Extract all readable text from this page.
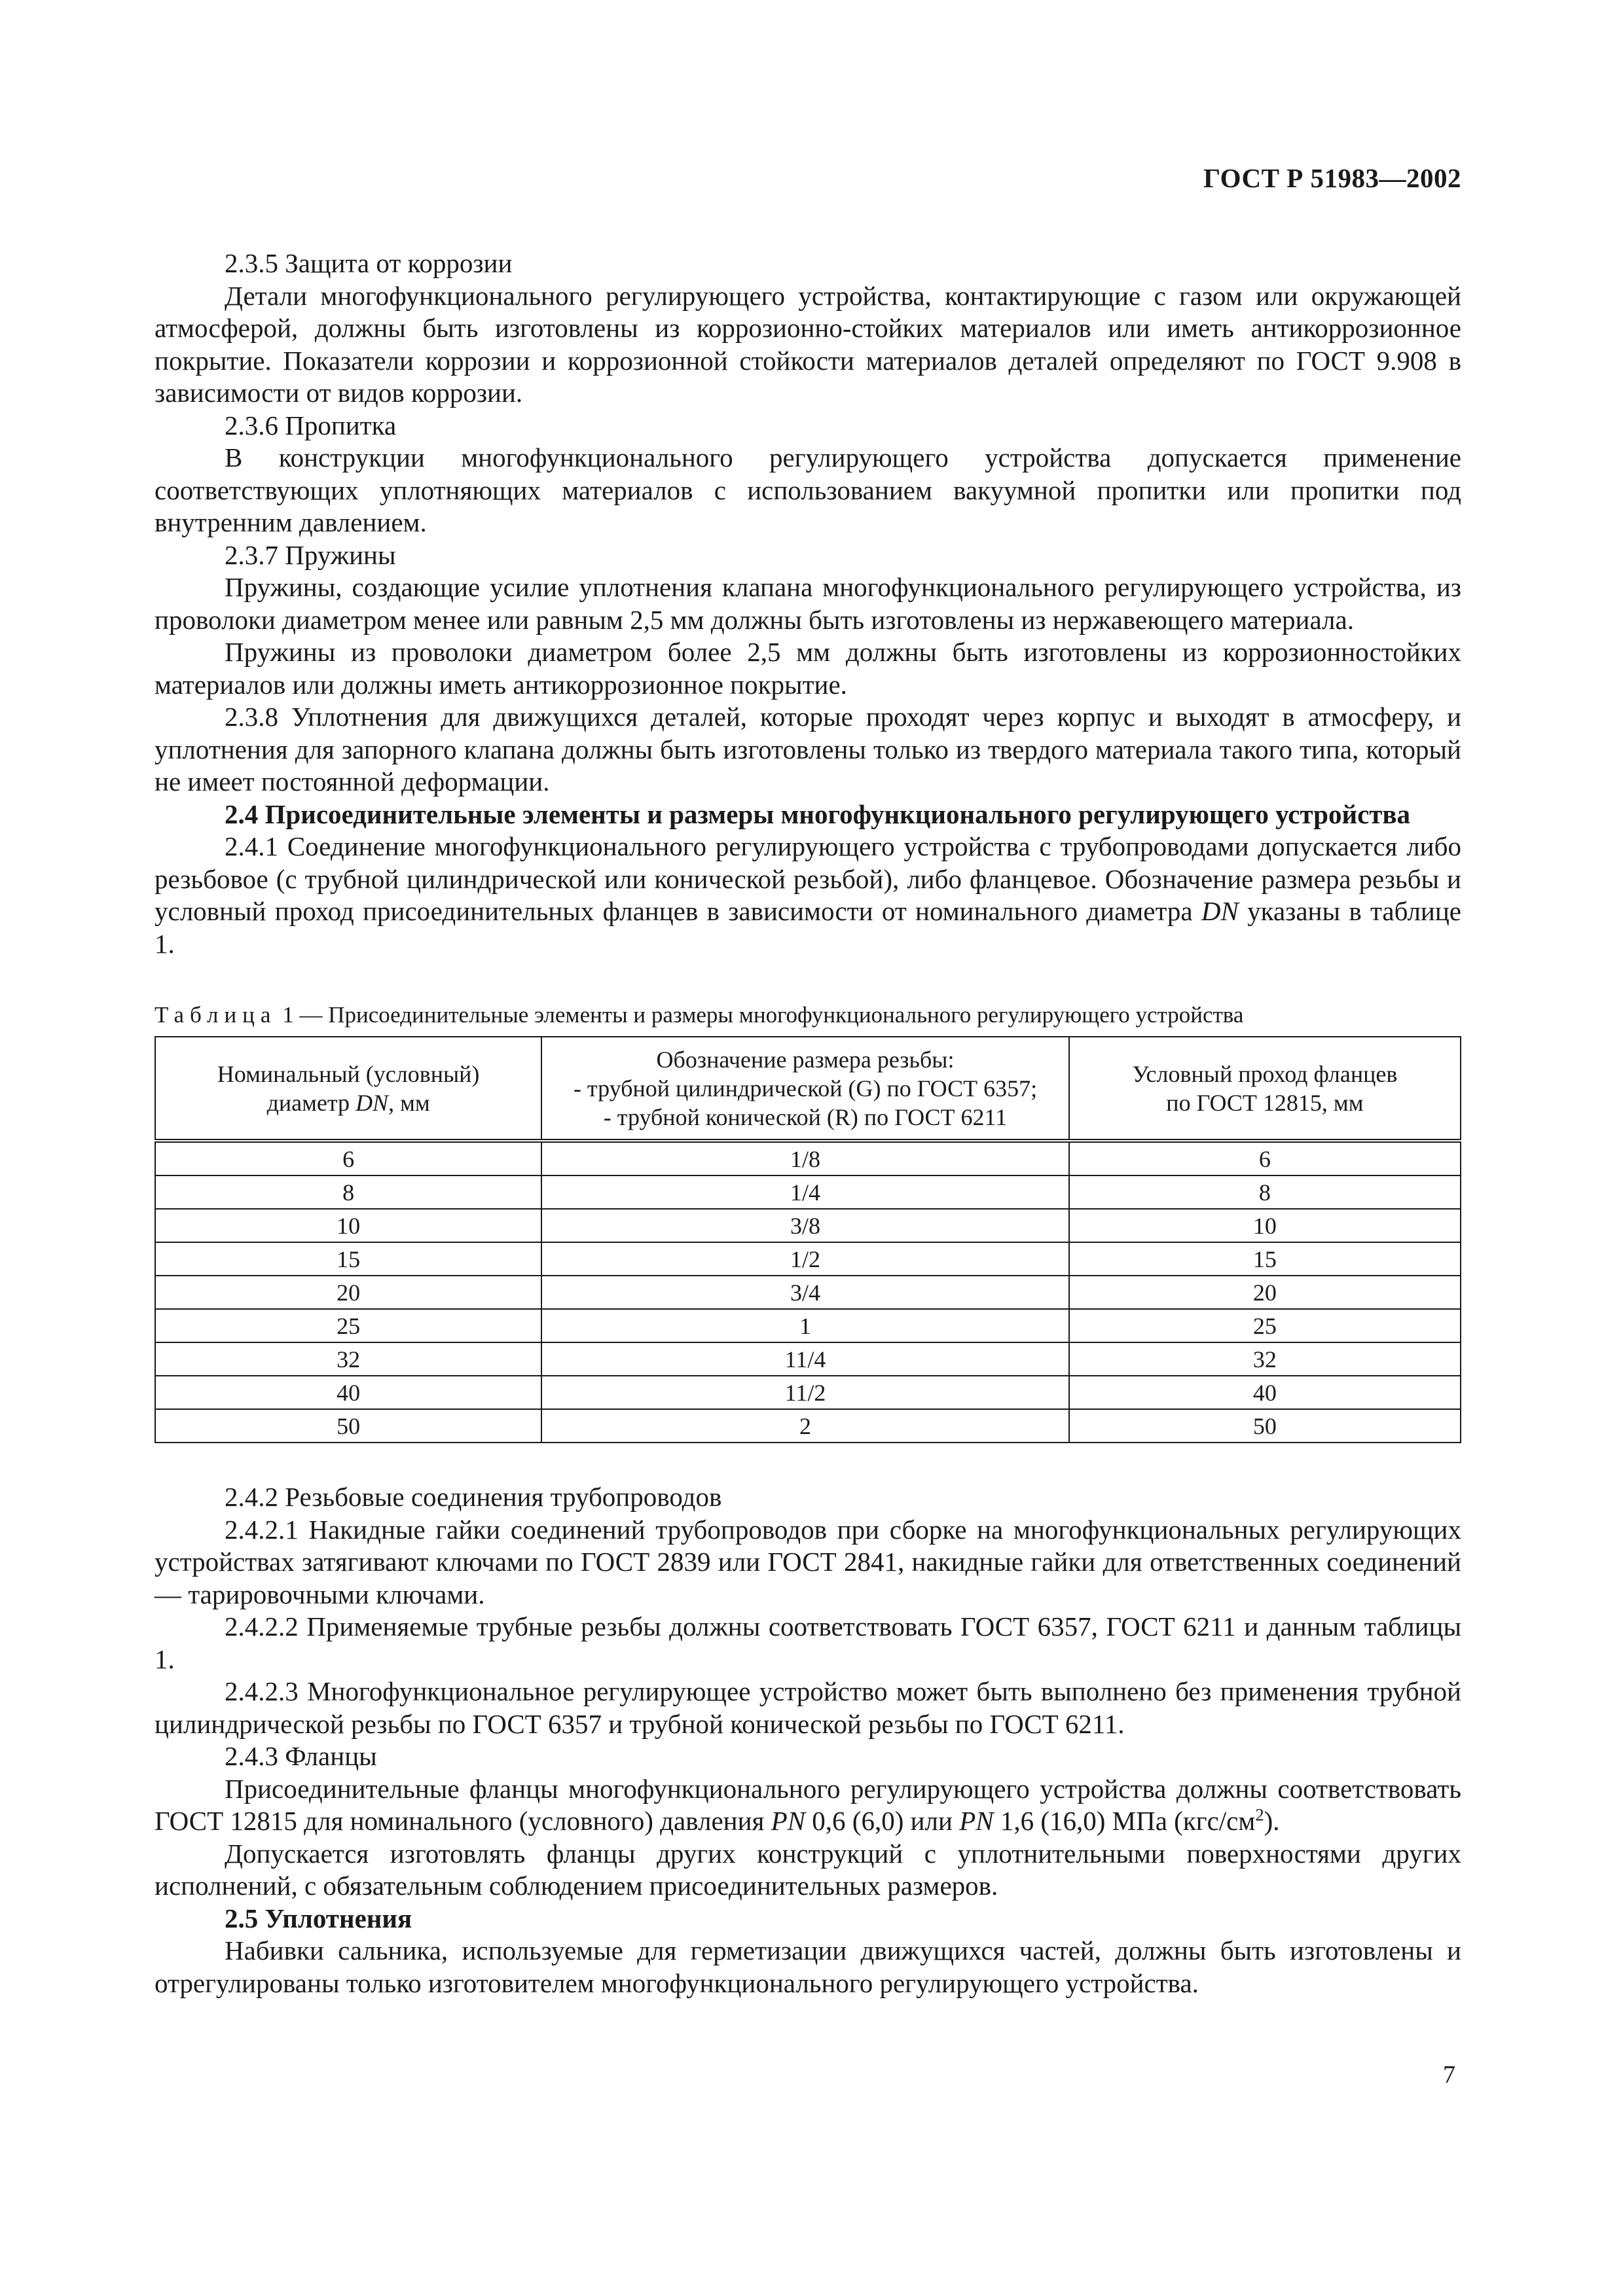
ГОСТ Р 51983—2002

2.3.5 Защита от коррозии

Детали многофункционального регулирующего устройства, контактирующие с газом или окружающей атмосферой, должны быть изготовлены из коррозионно-стойких материалов или иметь антикоррозионное покрытие. Показатели коррозии и коррозионной стойкости материалов деталей определяют по ГОСТ 9.908 в зависимости от видов коррозии.

2.3.6 Пропитка

В конструкции многофункционального регулирующего устройства допускается применение соответствующих уплотняющих материалов с использованием вакуумной пропитки или пропитки под внутренним давлением.

2.3.7 Пружины

Пружины, создающие усилие уплотнения клапана многофункционального регулирующего устройства, из проволоки диаметром менее или равным 2,5 мм должны быть изготовлены из нержавеющего материала.

Пружины из проволоки диаметром более 2,5 мм должны быть изготовлены из коррозионностойких материалов или должны иметь антикоррозионное покрытие.

2.3.8 Уплотнения для движущихся деталей, которые проходят через корпус и выходят в атмосферу, и уплотнения для запорного клапана должны быть изготовлены только из твердого материала такого типа, который не имеет постоянной деформации.

2.4 Присоединительные элементы и размеры многофункционального регулирующего устройства

2.4.1 Соединение многофункционального регулирующего устройства с трубопроводами допускается либо резьбовое (с трубной цилиндрической или конической резьбой), либо фланцевое. Обозначение размера резьбы и условный проход присоединительных фланцев в зависимости от номинального диаметра DN указаны в таблице 1.

Таблица 1 — Присоединительные элементы и размеры многофункционального регулирующего устройства
Номинальный (условный)
диаметр DN, мм	Обозначение размера резьбы:
- трубной цилиндрической (G) по ГОСТ 6357;
- трубной конической (R) по ГОСТ 6211	Условный проход фланцев
по ГОСТ 12815, мм
6	1/8	6
8	1/4	8
10	3/8	10
15	1/2	15
20	3/4	20
25	1	25
32	11/4	32
40	11/2	40
50	2	50

2.4.2 Резьбовые соединения трубопроводов

2.4.2.1 Накидные гайки соединений трубопроводов при сборке на многофункциональных регулирующих устройствах затягивают ключами по ГОСТ 2839 или ГОСТ 2841, накидные гайки для ответственных соединений — тарировочными ключами.

2.4.2.2 Применяемые трубные резьбы должны соответствовать ГОСТ 6357, ГОСТ 6211 и данным таблицы 1.

2.4.2.3 Многофункциональное регулирующее устройство может быть выполнено без применения трубной цилиндрической резьбы по ГОСТ 6357 и трубной конической резьбы по ГОСТ 6211.

2.4.3 Фланцы

Присоединительные фланцы многофункционального регулирующего устройства должны соответствовать ГОСТ 12815 для номинального (условного) давления PN 0,6 (6,0) или PN 1,6 (16,0) МПа $(кгс/см^2)$.

Допускается изготовлять фланцы других конструкций с уплотнительными поверхностями других исполнений, с обязательным соблюдением присоединительных размеров.

2.5 Уплотнения

Набивки сальника, используемые для герметизации движущихся частей, должны быть изготовлены и отрегулированы только изготовителем многофункционального регулирующего устройства.

7
